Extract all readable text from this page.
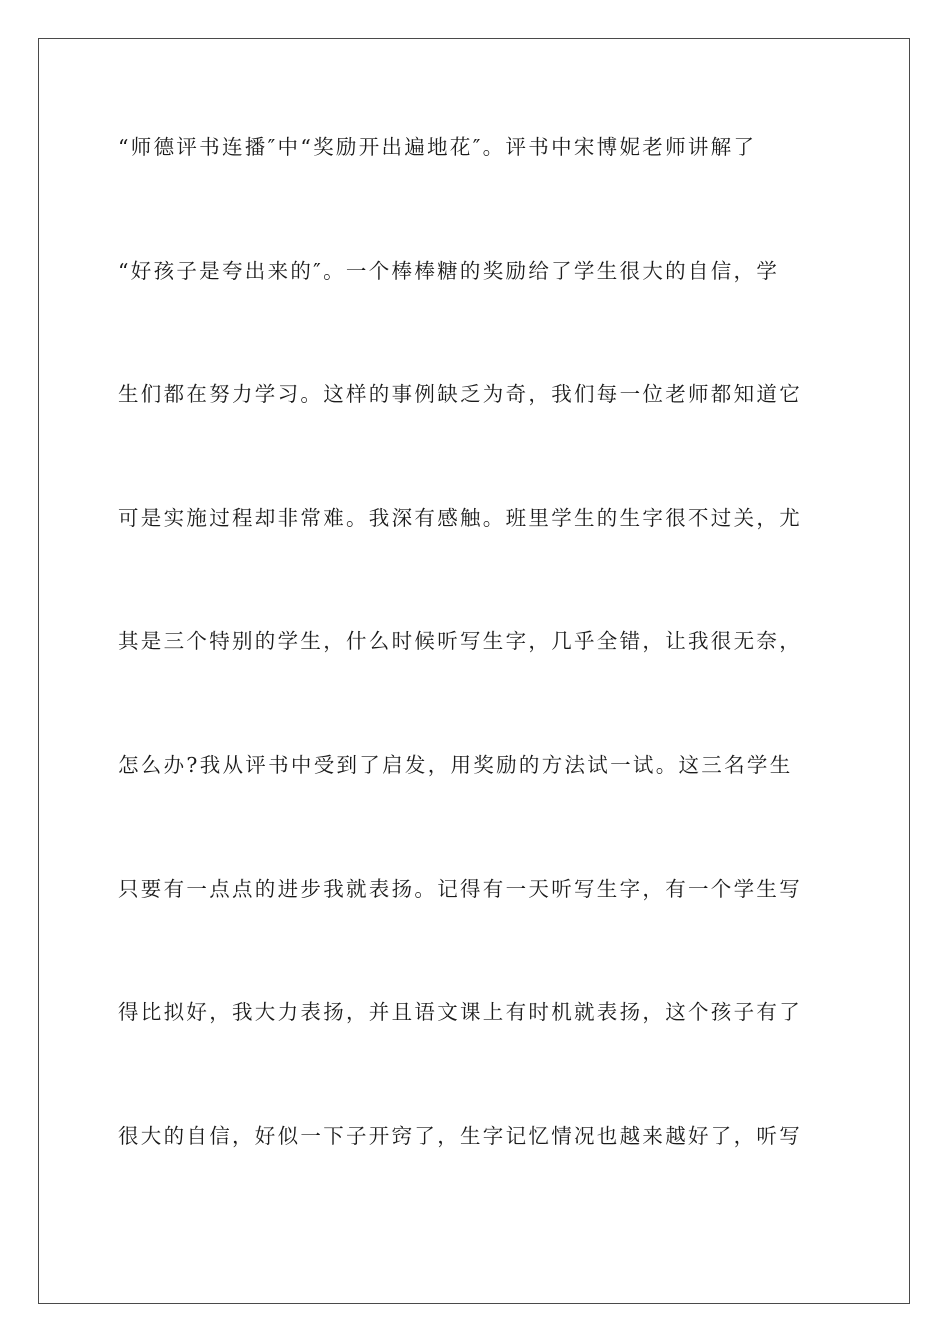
“师德评书连播″中“奖励开出遍地花″。评书中宋博妮老师讲解了
“好孩子是夸出来的″。一个棒棒糖的奖励给了学生很大的自信，学
生们都在努力学习。这样的事例缺乏为奇，我们每一位老师都知道它
可是实施过程却非常难。我深有感触。班里学生的生字很不过关，尤
其是三个特别的学生，什么时候听写生字，几乎全错，让我很无奈，
怎么办?我从评书中受到了启发，用奖励的方法试一试。这三名学生
只要有一点点的进步我就表扬。记得有一天听写生字，有一个学生写
得比拟好，我大力表扬，并且语文课上有时机就表扬，这个孩子有了
很大的自信，好似一下子开窍了，生字记忆情况也越来越好了，听写
